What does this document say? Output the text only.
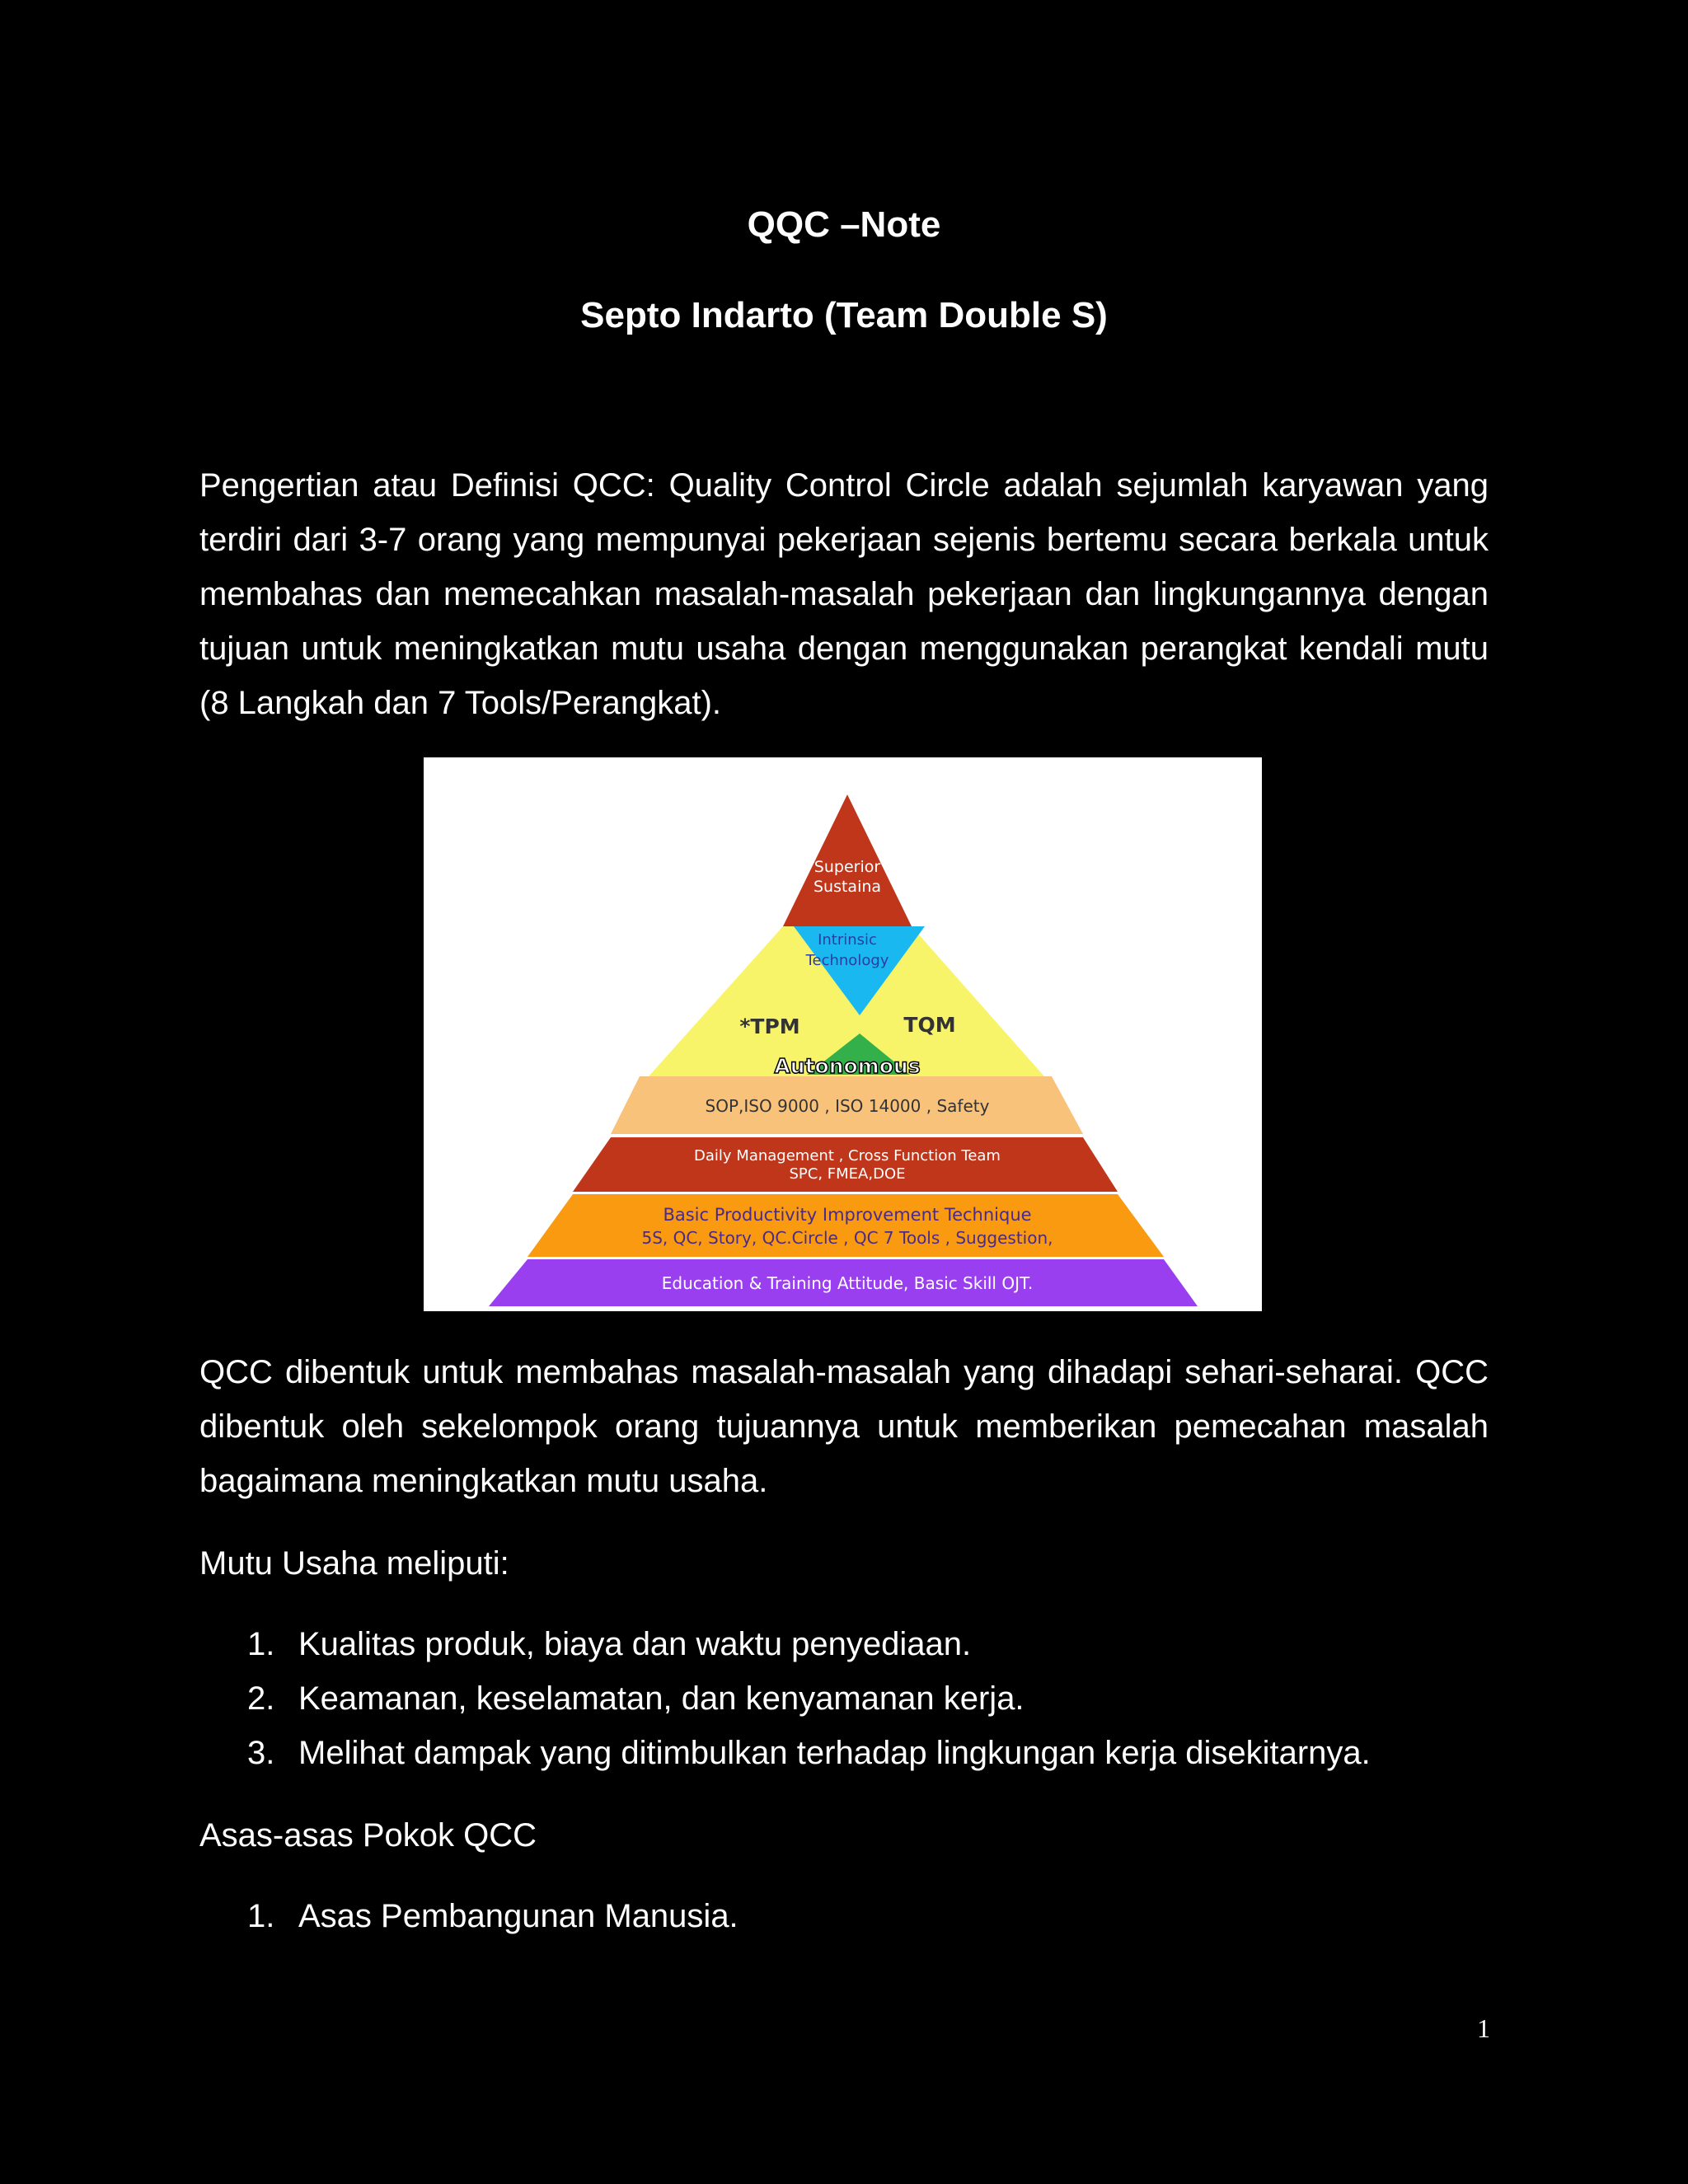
QQC –Note
Septo Indarto (Team Double S)

Pengertian atau Definisi QCC: Quality Control Circle adalah sejumlah karyawan yang terdiri dari 3-7 orang yang mempunyai pekerjaan sejenis bertemu secara berkala untuk membahas dan memecahkan masalah-masalah pekerjaan dan lingkungannya dengan tujuan untuk meningkatkan mutu usaha dengan menggunakan perangkat kendali mutu (8 Langkah dan 7 Tools/Perangkat).

Superior
Sustaina
Intrinsic
Technology
*TPM	TQM
Autonomous
SOP,ISO 9000 , ISO 14000 , Safety
Daily Management , Cross Function Team
SPC, FMEA,DOE
Basic Productivity Improvement Technique
5S, QC, Story, QC.Circle , QC 7 Tools , Suggestion,
Education & Training Attitude, Basic Skill OJT.

QCC dibentuk untuk membahas masalah-masalah yang dihadapi sehari-seharai. QCC dibentuk oleh sekelompok orang tujuannya untuk memberikan pemecahan masalah bagaimana meningkatkan mutu usaha.

Mutu Usaha meliputi:

1. Kualitas produk, biaya dan waktu penyediaan.
2. Keamanan, keselamatan, dan kenyamanan kerja.
3. Melihat dampak yang ditimbulkan terhadap lingkungan kerja disekitarnya.

Asas-asas Pokok QCC

1. Asas Pembangunan Manusia.
1
